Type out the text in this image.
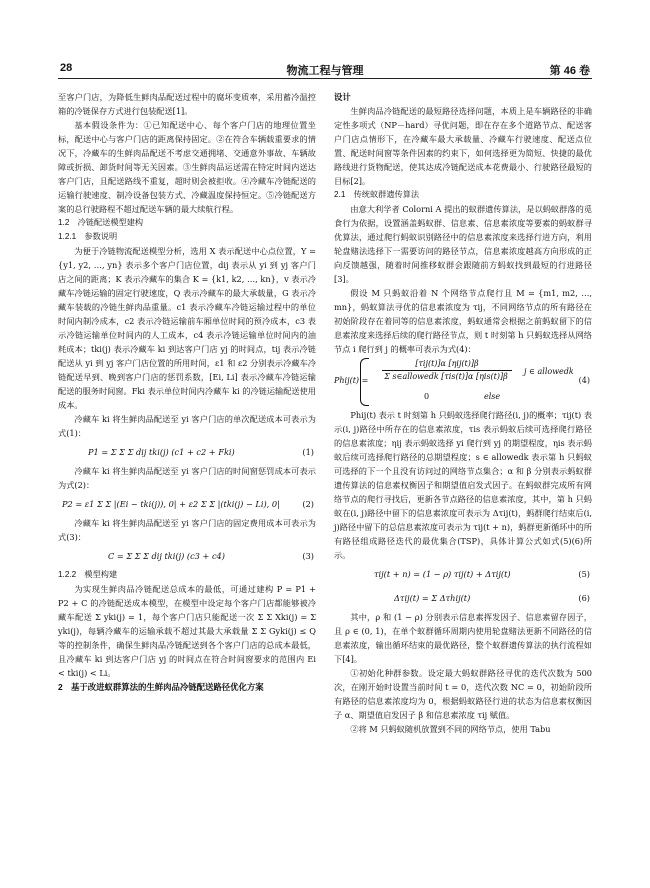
28	物流工程与管理	第 46 卷

至客户门店，为降低生鲜肉品配送过程中的腐坏变质率，采用蓄冷温控箱的冷链保存方式进行包装配送[1]。

基本假设条件为：①已知配送中心、每个客户门店的地理位置坐标，配送中心与客户门店的距离保持固定。②在符合车辆载重要求的情况下，冷藏车的生鲜肉品配送不考虑交通拥堵、交通意外事故、车辆故障或折损、卸货时间等无关因素。③生鲜肉品运送需在特定时间内送达客户门店，且配送路线不重复，超时则会被拒收。④冷藏车冷链配送的运输行驶速度、制冷设备包装方式、冷藏温度保持恒定。⑤冷链配送方案的总行驶路程不超过配送车辆的最大续航行程。

1.2　冷链配送模型建构
1.2.1　参数说明

为便于冷链物流配送模型分析，选用 X 表示配送中心点位置，Y = {y1, y2, …, yn} 表示多个客户门店位置，dij 表示从 yi 到 yj 客户门店之间的距离；K 表示冷藏车的集合 K = {k1, k2, …, kn}，v 表示冷藏车冷链运输的固定行驶速度，Q 表示冷藏车的最大承载量，G 表示冷藏车装载的冷链生鲜肉品重量。c1 表示冷藏车冷链运输过程中的单位时间内制冷成本，c2 表示冷链运输前车厢单位时间的预冷成本，c3 表示冷链运输单位时间内的人工成本，c4 表示冷链运输单位时间内的油耗成本；tki(j) 表示冷藏车 ki 到达客户门店 yj 的时间点，tij 表示冷链配送从 yi 到 yj 客户门店位置的所用时间，ε1 和 ε2 分别表示冷藏车冷链配送早到、晚到客户门店的惩罚系数，[Ei, Li] 表示冷藏车冷链运输配送的服务时间窗。Fki 表示单位时间内冷藏车 ki 的冷链运输配送使用成本。

冷藏车 ki 将生鲜肉品配送至 yi 客户门店的单次配送成本可表示为式(1)：

P1 = Σ Σ Σ dij tki(j) (c1 + c2 + Fki)	(1)

冷藏车 ki 将生鲜肉品配送至 yi 客户门店的时间窗惩罚成本可表示为式(2)：

P2 = ε1 Σ Σ |(Ei − tki(j)), 0| + ε2 Σ Σ |(tki(j) − Li), 0|	(2)

冷藏车 ki 将生鲜肉品配送至 yi 客户门店的固定费用成本可表示为式(3)：

C = Σ Σ Σ dij tki(j) (c3 + c4)	(3)
1.2.2　模型构建

为实现生鲜肉品冷链配送总成本的最低，可通过建构 P = P1 + P2 + C 的冷链配送成本模型，在模型中设定每个客户门店都能够被冷藏车配送 Σ yki(j) = 1，每个客户门店只能配送一次 Σ Σ Xki(j) = Σ yki(j)，每辆冷藏车的运输承载不超过其最大承载量 Σ Σ Gyki(j) ≤ Q 等的控制条件，确保生鲜肉品冷链配送到各个客户门店的总成本最低，且冷藏车 ki 到达客户门店 yj 的时间点在符合时间窗要求的范围内 Ei < tki(j) < Li。

2　基于改进蚁群算法的生鲜肉品冷链配送路径优化方案
设计

生鲜肉品冷链配送的最短路径选择问题，本质上是车辆路径的非确定性多项式（NP－hard）寻优问题，即在存在多个道路节点、配送客户门店点情形下，在冷藏车最大承载量、冷藏车行驶速度、配送点位置、配送时间窗等条件因素的约束下，如何选择更为简短、快捷的最优路线进行货物配送，使其达成冷链配送成本花费最小、行驶路径最短的目标[2]。

2.1　传统蚁群遗传算法

由意大利学者 Colorni A 提出的蚁群遗传算法，是以蚂蚁群落的觅食行为依据，设置涵盖蚂蚁群、信息素、信息素浓度等要素的蚂蚁群寻优算法，通过爬行蚂蚁识别路径中的信息素浓度来选择行进方向，利用轮盘赌法选择下一需要访问的路径节点，信息素浓度越高方向形成的正向反馈越强，随着时间推移蚁群会跟随前方蚂蚁找到最短的行进路径[3]。

假设 M 只蚂蚁沿着 N 个网络节点爬行且 M = {m1, m2, …, mn}，蚂蚁算法寻优的信息素浓度为 τij，不同网络节点的所有路径在初始阶段存在着同等的信息素浓度，蚂蚁通常会根据之前蚂蚁留下的信息素浓度来选择后续的爬行路径节点，则 t 时刻第 h 只蚂蚁选择从网络节点 i 爬行到 j 的概率可表示为式(4)：

Phij(t) =
[τij(t)]α [ηij(t)]β
Σ s∈allowedk [τis(t)]α [ηis(t)]β
j ∈ allowedk
0	else
(4)

Phij(t) 表示 t 时刻第 h 只蚂蚁选择爬行路径(i, j)的概率；τij(t) 表示(i, j)路径中所存在的信息素浓度，τis 表示蚂蚁后续可选择爬行路径的信息素浓度；ηij 表示蚂蚁选择 yi 爬行到 yj 的期望程度，ηis 表示蚂蚁后续可选择爬行路径的总期望程度；s ∈ allowedk 表示第 h 只蚂蚁可选择的下一个且没有访问过的网络节点集合；α 和 β 分别表示蚂蚁群遗传算法的信息素权衡因子和期望值启发式因子。在蚂蚁群完成所有网络节点的爬行寻找后，更新各节点路径的信息素浓度，其中，第 h 只蚂蚁在(i, j)路径中留下的信息素浓度可表示为 Δτij(t)，蚂群爬行结束后(i, j)路径中留下的总信息素浓度可表示为 τij(t + n)，蚂群更新循环中的所有路径组成路径迭代的最优集合(TSP)，具体计算公式如式(5)(6)所示。

τij(t + n) = (1 − ρ) τij(t) + Δτij(t)	(5)
Δτij(t) = Σ Δτhij(t)	(6)

其中，ρ 和 (1 − ρ) 分别表示信息素挥发因子、信息素留存因子，且 ρ ∈ (0, 1)，在单个蚁群循环周期内使用轮盘赌法更新不同路径的信息素浓度，输出循环结束的最优路径，整个蚁群遗传算法的执行流程如下[4]。

①初始化种群参数。设定最大蚂蚁群路径寻优的迭代次数为 500 次，在刚开始时设置当前时间 t = 0，迭代次数 NC = 0，初始阶段所有路径的信息素浓度均为 0，根据蚂蚁路径行进的状态为信息素权衡因子 α、期望值启发因子 β 和信息素浓度 τij 赋值。

②将 M 只蚂蚁随机放置到不同的网络节点，使用 Tabu
